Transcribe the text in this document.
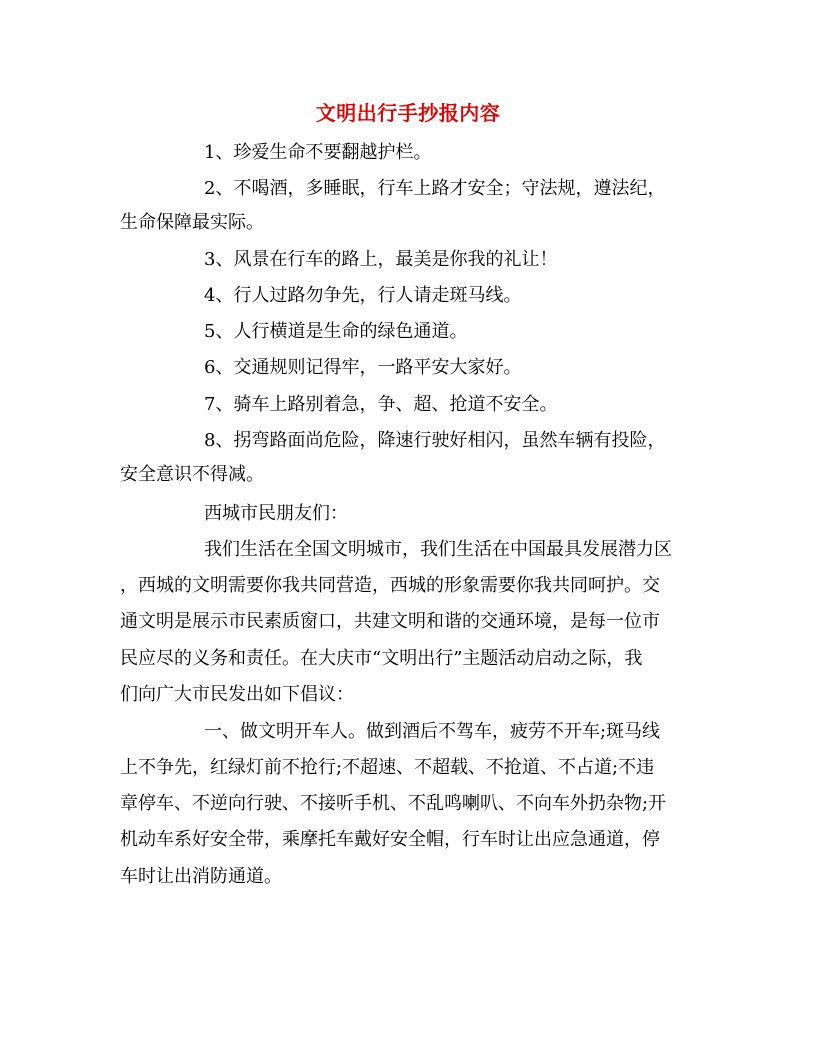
文明出行手抄报内容
1、珍爱生命不要翻越护栏。
2、不喝酒，多睡眠，行车上路才安全；守法规，遵法纪，
生命保障最实际。
3、风景在行车的路上，最美是你我的礼让！
4、行人过路勿争先，行人请走斑马线。
5、人行横道是生命的绿色通道。
6、交通规则记得牢，一路平安大家好。
7、骑车上路别着急，争、超、抢道不安全。
8、拐弯路面尚危险，降速行驶好相闪，虽然车辆有投险，
安全意识不得减。
西城市民朋友们：
我们生活在全国文明城市，我们生活在中国最具发展潜力区
，西城的文明需要你我共同营造，西城的形象需要你我共同呵护。交
通文明是展示市民素质窗口，共建文明和谐的交通环境，是每一位市
民应尽的义务和责任。在大庆市“文明出行”主题活动启动之际，我
们向广大市民发出如下倡议：
一、做文明开车人。做到酒后不驾车，疲劳不开车;斑马线
上不争先，红绿灯前不抢行;不超速、不超载、不抢道、不占道;不违
章停车、不逆向行驶、不接听手机、不乱鸣喇叭、不向车外扔杂物;开
机动车系好安全带，乘摩托车戴好安全帽，行车时让出应急通道，停
车时让出消防通道。
